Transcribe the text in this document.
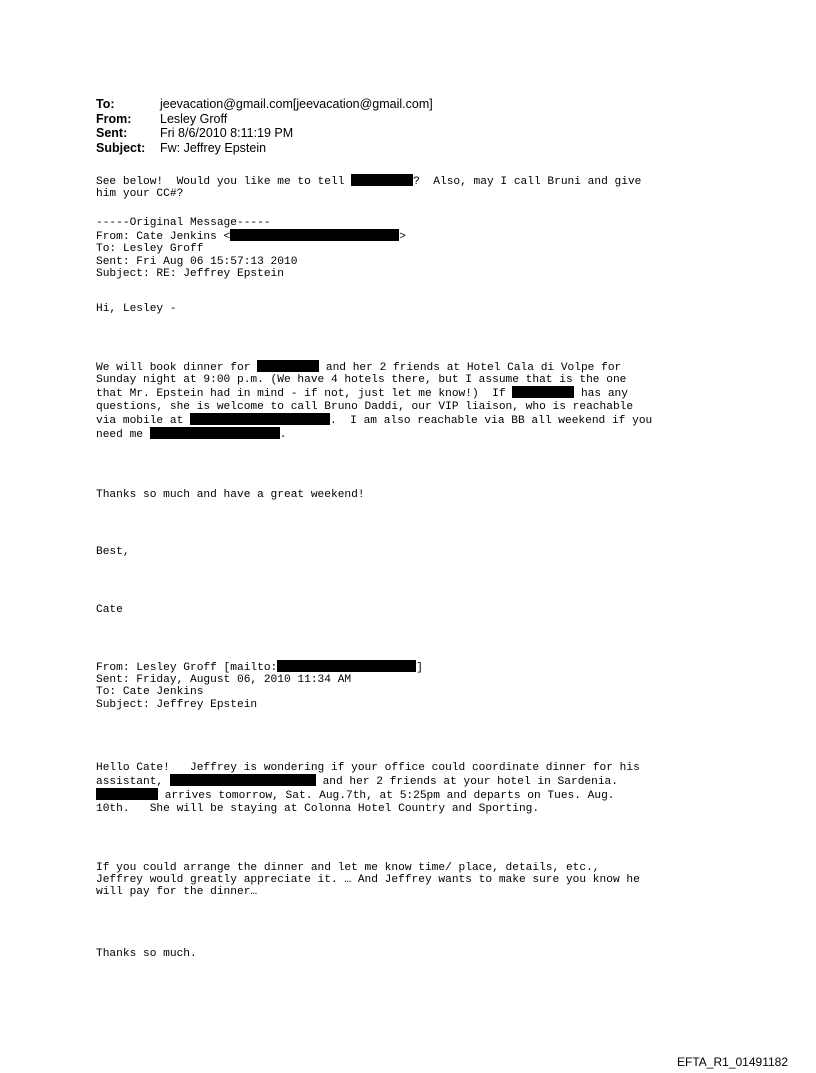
To:	jeevacation@gmail.com[jeevacation@gmail.com]
From:	Lesley Groff
Sent:	Fri 8/6/2010 8:11:19 PM
Subject:	Fw: Jeffrey Epstein
See below!  Would you like me to tell	?  Also, may I call Bruni and give
him your CC#?
-----Original Message-----
From: Cate Jenkins <	>
To: Lesley Groff
Sent: Fri Aug 06 15:57:13 2010
Subject: RE: Jeffrey Epstein
Hi, Lesley -
We will book dinner for	and her 2 friends at Hotel Cala di Volpe for
Sunday night at 9:00 p.m. (We have 4 hotels there, but I assume that is the one
that Mr. Epstein had in mind - if not, just let me know!)  If	has any
questions, she is welcome to call Bruno Daddi, our VIP liaison, who is reachable
via mobile at	.  I am also reachable via BB all weekend if you
need me	.
Thanks so much and have a great weekend!
Best,
Cate
From: Lesley Groff [mailto:	]
Sent: Friday, August 06, 2010 11:34 AM
To: Cate Jenkins
Subject: Jeffrey Epstein
Hello Cate!   Jeffrey is wondering if your office could coordinate dinner for his
assistant,	and her 2 friends at your hotel in Sardenia.
arrives tomorrow, Sat. Aug.7th, at 5:25pm and departs on Tues. Aug.
10th.   She will be staying at Colonna Hotel Country and Sporting.
If you could arrange the dinner and let me know time/ place, details, etc.,
Jeffrey would greatly appreciate it. … And Jeffrey wants to make sure you know he
will pay for the dinner…
Thanks so much.
EFTA_R1_01491182
